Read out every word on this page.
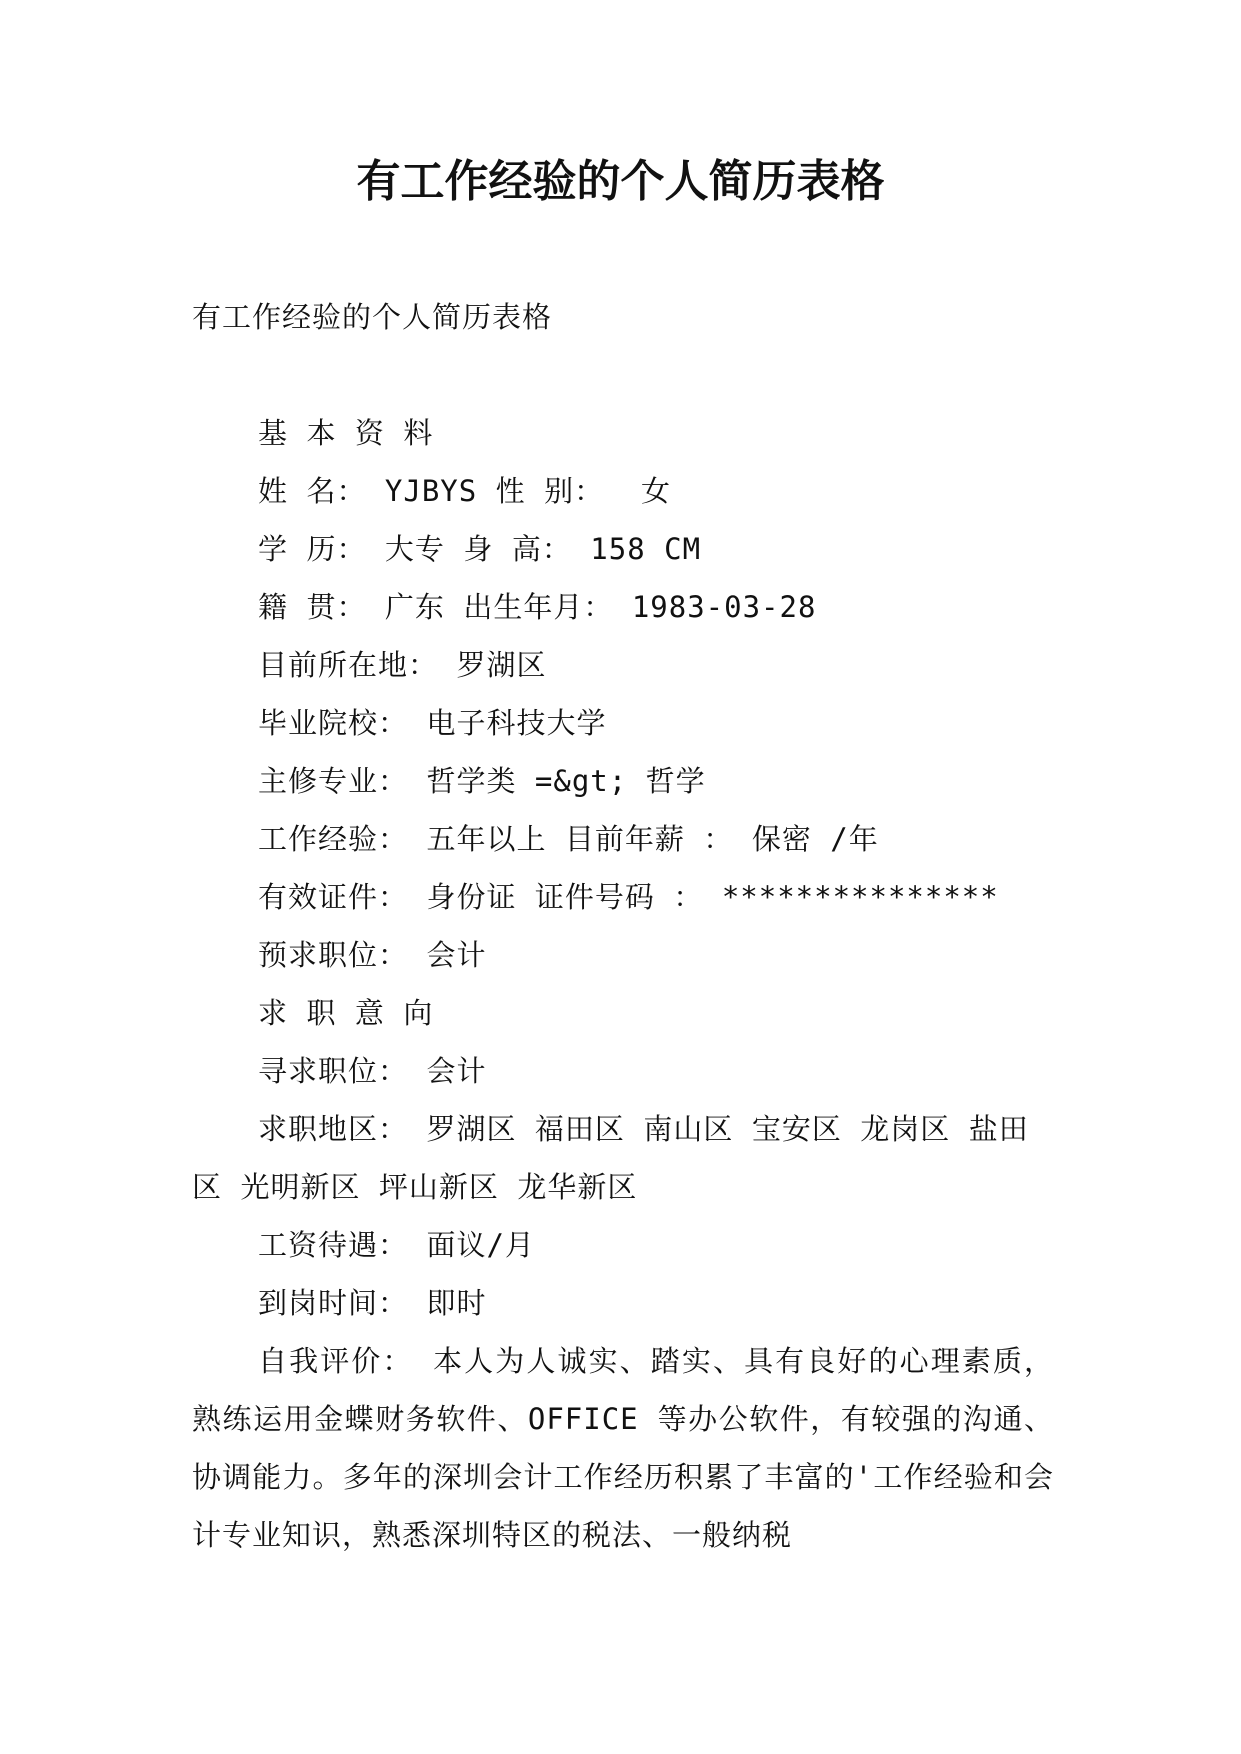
有工作经验的个人简历表格

有工作经验的个人简历表格

基 本 资 料

姓 名： YJBYS 性 别：  女

学 历： 大专 身 高： 158 CM

籍 贯： 广东 出生年月： 1983-03-28

目前所在地： 罗湖区

毕业院校： 电子科技大学

主修专业： 哲学类 =&gt; 哲学

工作经验： 五年以上 目前年薪 ： 保密 /年

有效证件： 身份证 证件号码 ： ***************

预求职位： 会计

求 职 意 向

寻求职位： 会计

求职地区： 罗湖区 福田区 南山区 宝安区 龙岗区 盐田区 光明新区 坪山新区 龙华新区

工资待遇： 面议/月

到岗时间： 即时

自我评价： 本人为人诚实、踏实、具有良好的心理素质，熟练运用金蝶财务软件、OFFICE 等办公软件，有较强的沟通、协调能力。多年的深圳会计工作经历积累了丰富的'工作经验和会计专业知识，熟悉深圳特区的税法、一般纳税
